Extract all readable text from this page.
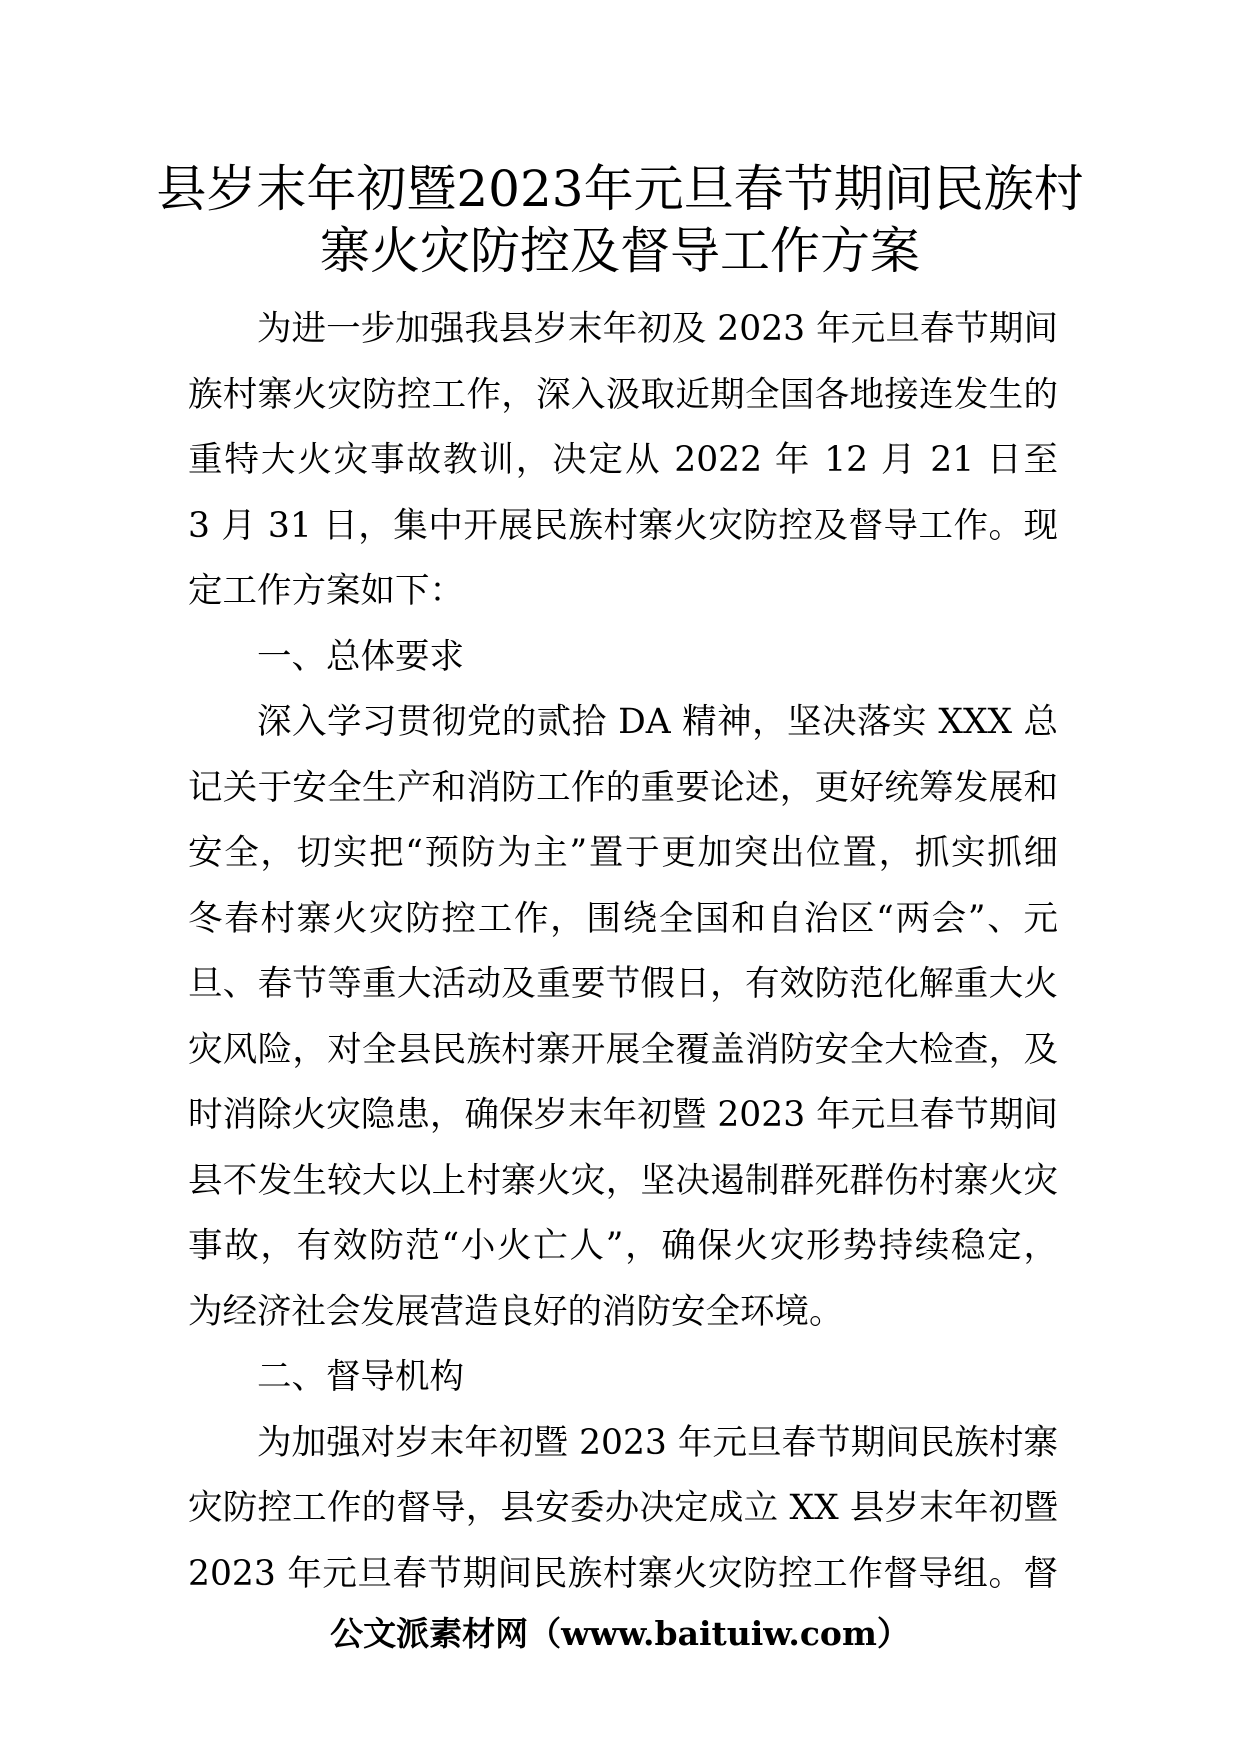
县岁末年初暨2023年元旦春节期间民族村
寨火灾防控及督导工作方案
为进一步加强我县岁末年初及 2023 年元旦春节期间
族村寨火灾防控工作，深入汲取近期全国各地接连发生的
重特大火灾事故教训，决定从 2022 年 12 月 21 日至
3 月 31 日，集中开展民族村寨火灾防控及督导工作。现
定工作方案如下：
一、总体要求
深入学习贯彻党的贰拾 DA 精神，坚决落实 XXX 总
记关于安全生产和消防工作的重要论述，更好统筹发展和
安全，切实把“预防为主”置于更加突出位置，抓实抓细
冬春村寨火灾防控工作，围绕全国和自治区“两会”、元
旦、春节等重大活动及重要节假日，有效防范化解重大火
灾风险，对全县民族村寨开展全覆盖消防安全大检查，及
时消除火灾隐患，确保岁末年初暨 2023 年元旦春节期间
县不发生较大以上村寨火灾，坚决遏制群死群伤村寨火灾
事故，有效防范“小火亡人”，确保火灾形势持续稳定，
为经济社会发展营造良好的消防安全环境。
二、督导机构
为加强对岁末年初暨 2023 年元旦春节期间民族村寨
灾防控工作的督导，县安委办决定成立 XX 县岁末年初暨
2023 年元旦春节期间民族村寨火灾防控工作督导组。督
公文派素材网（www.baituiw.com）
